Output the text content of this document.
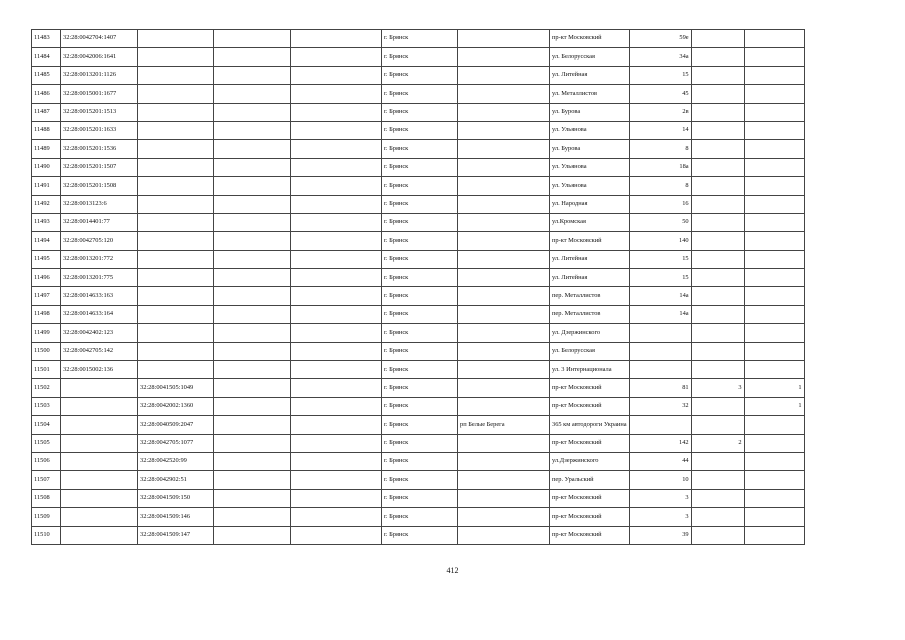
11483	32:28:0042704:1407				г. Брянск		пр-кт Московский	59е		
11484	32:28:0042006:1641				г. Брянск		ул. Белорусская	34а		
11485	32:28:0013201:1126				г. Брянск		ул. Литейная	15		
11486	32:28:0015001:1677				г. Брянск		ул. Металлистов	45		
11487	32:28:0015201:1513				г. Брянск		ул. Бурова	2в		
11488	32:28:0015201:1633				г. Брянск		ул. Ульянова	14		
11489	32:28:0015201:1536				г. Брянск		ул. Бурова	8		
11490	32:28:0015201:1507				г. Брянск		ул. Ульянова	18а		
11491	32:28:0015201:1508				г. Брянск		ул. Ульянова	8		
11492	32:28:0013123:6				г. Брянск		ул. Народная	16		
11493	32:28:0014401:77				г. Брянск		ул.Кромская	50		
11494	32:28:0042705:120				г. Брянск		пр-кт Московский	140		
11495	32:28:0013201:772				г. Брянск		ул. Литейная	15		
11496	32:28:0013201:775				г. Брянск		ул. Литейная	15		
11497	32:28:0014633:163				г. Брянск		пер. Металлистов	14а		
11498	32:28:0014633:164				г. Брянск		пер. Металлистов	14а		
11499	32:28:0042402:123				г. Брянск		ул. Дзержинского			
11500	32:28:0042705:142				г. Брянск		ул. Белорусская			
11501	32:28:0015002:136				г. Брянск		ул. 3 Интернационала			
11502		32:28:0041505:1049			г. Брянск		пр-кт Московский	81	3	1
11503		32:28:0042002:1360			г. Брянск		пр-кт Московский	32		1
11504		32:28:0040509:2047			г. Брянск	рп Белые Берега	365 км автодороги Украина			
11505		32:28:0042705:1077			г. Брянск		пр-кт Московский	142	2	
11506		32:28:0042520:99			г. Брянск		ул.Дзержинского	44		
11507		32:28:0042902:51			г. Брянск		пер. Уральский	10		
11508		32:28:0041509:150			г. Брянск		пр-кт Московский	3		
11509		32:28:0041509:146			г. Брянск		пр-кт Московский	3		
11510		32:28:0041509:147			г. Брянск		пр-кт Московский	39		
412
